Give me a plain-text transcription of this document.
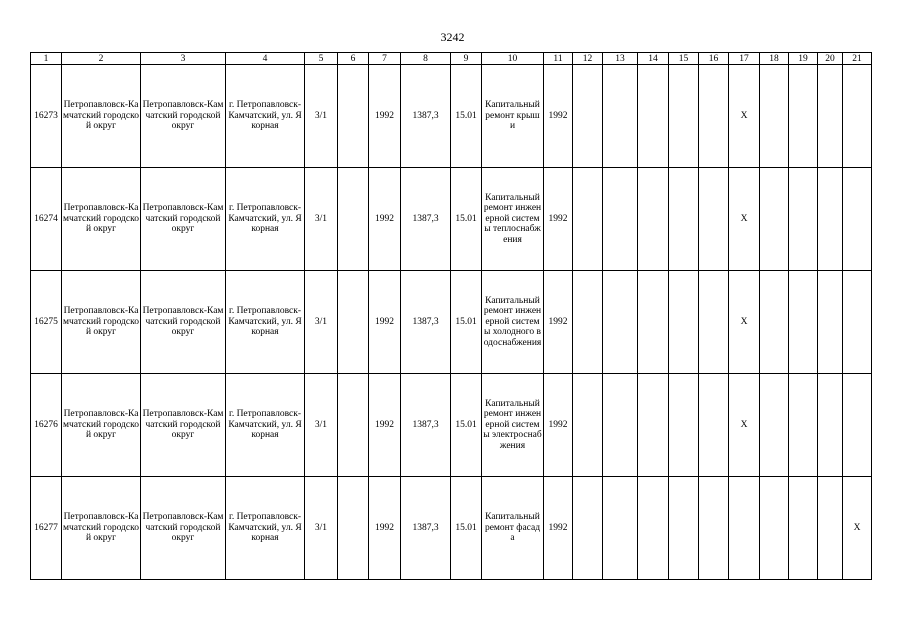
3242
1	2	3	4	5	6	7	8	9	10	11	12	13	14	15	16	17	18	19	20	21
16273	Петропавловск-Камчатский городской округ	Петропавловск-Камчатский городской округ	г. Петропавловск-Камчатский, ул. Якорная	3/1		1992	1387,3	15.01	Капитальный ремонт крыши	1992						X				
16274	Петропавловск-Камчатский городской округ	Петропавловск-Камчатский городской округ	г. Петропавловск-Камчатский, ул. Якорная	3/1		1992	1387,3	15.01	Капитальный ремонт инженерной системы теплоснабжения	1992						X				
16275	Петропавловск-Камчатский городской округ	Петропавловск-Камчатский городской округ	г. Петропавловск-Камчатский, ул. Якорная	3/1		1992	1387,3	15.01	Капитальный ремонт инженерной системы холодного водоснабжения	1992						X				
16276	Петропавловск-Камчатский городской округ	Петропавловск-Камчатский городской округ	г. Петропавловск-Камчатский, ул. Якорная	3/1		1992	1387,3	15.01	Капитальный ремонт инженерной системы электроснабжения	1992						X				
16277	Петропавловск-Камчатский городской округ	Петропавловск-Камчатский городской округ	г. Петропавловск-Камчатский, ул. Якорная	3/1		1992	1387,3	15.01	Капитальный ремонт фасада	1992										X
